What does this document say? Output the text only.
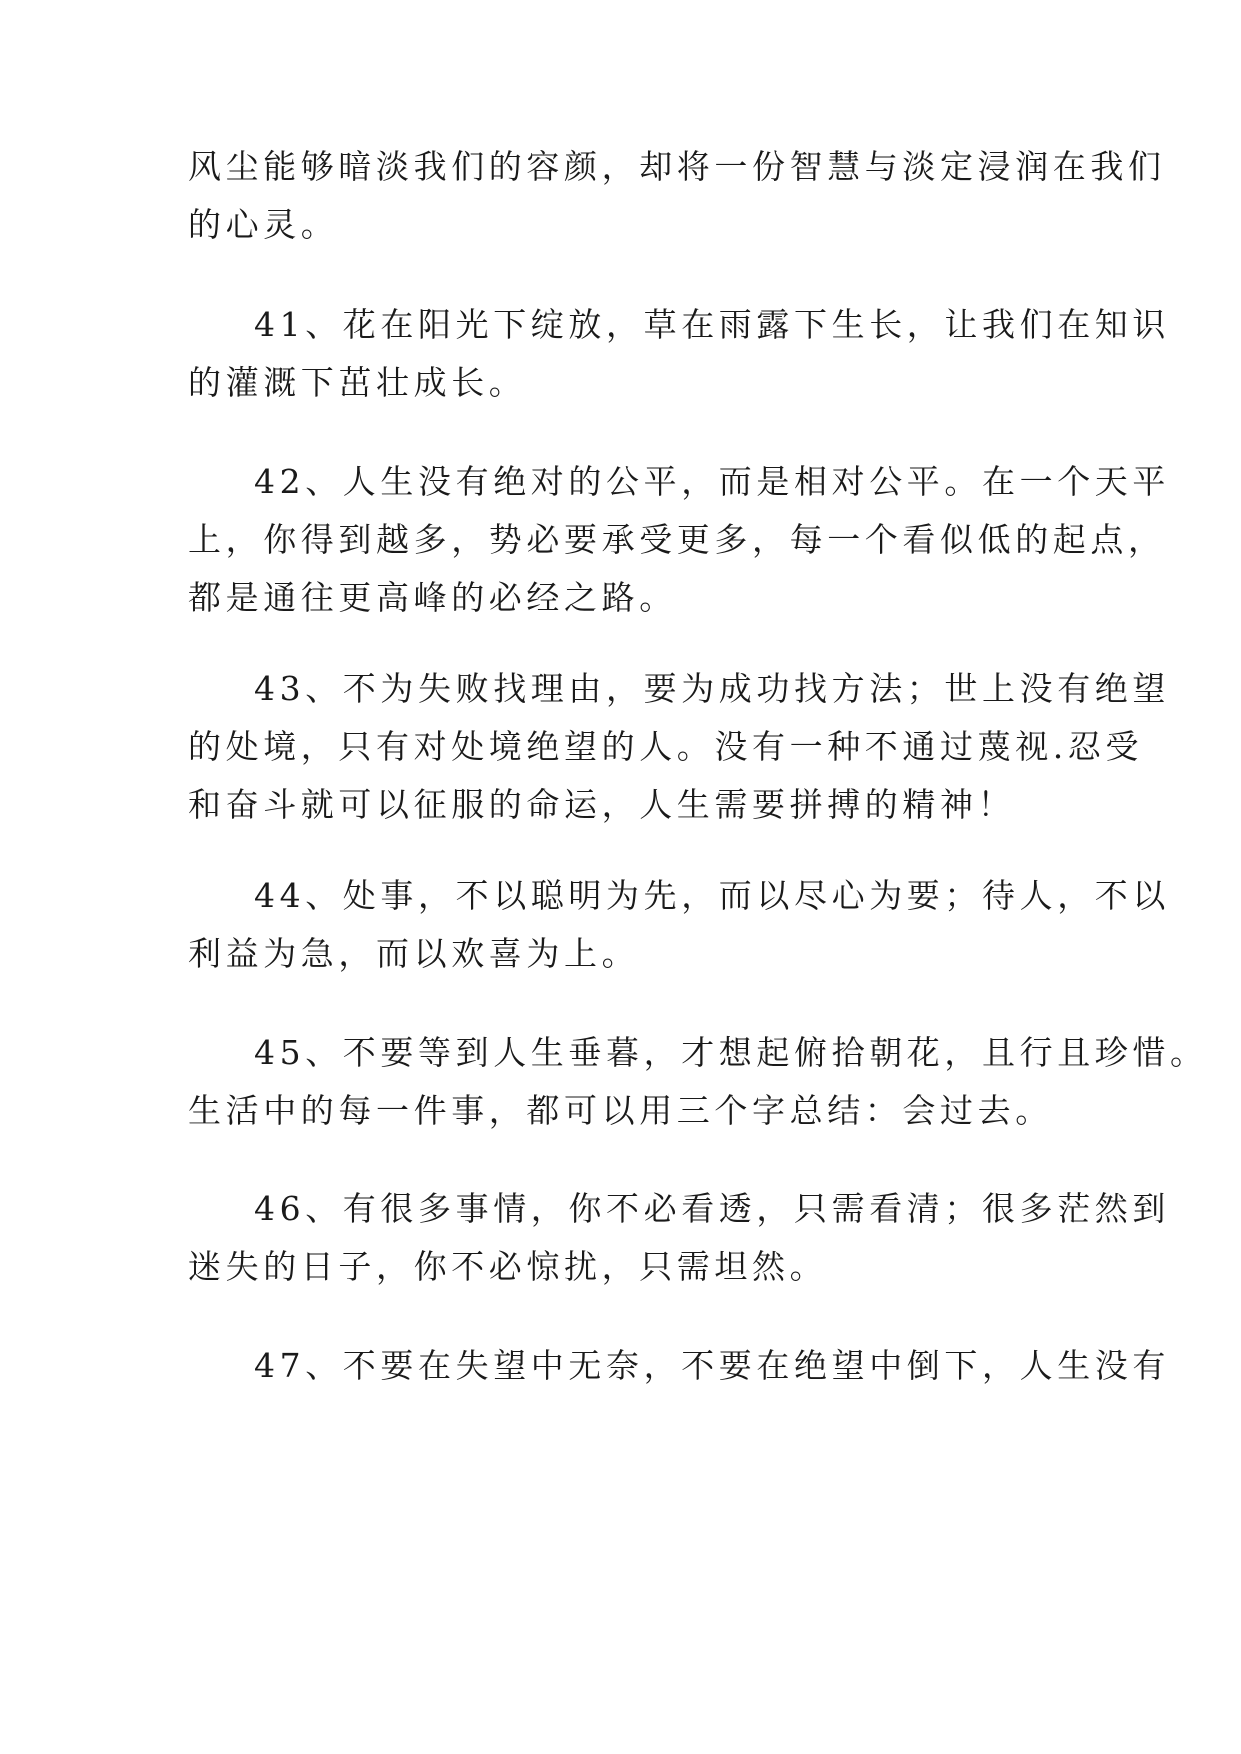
风尘能够暗淡我们的容颜，却将一份智慧与淡定浸润在我们
的心灵。

41、花在阳光下绽放，草在雨露下生长，让我们在知识
的灌溉下茁壮成长。

42、人生没有绝对的公平，而是相对公平。在一个天平
上，你得到越多，势必要承受更多，每一个看似低的起点，
都是通往更高峰的必经之路。

43、不为失败找理由，要为成功找方法；世上没有绝望
的处境，只有对处境绝望的人。没有一种不通过蔑视.忍受
和奋斗就可以征服的命运，人生需要拼搏的精神！

44、处事，不以聪明为先，而以尽心为要；待人，不以
利益为急，而以欢喜为上。

45、不要等到人生垂暮，才想起俯拾朝花，且行且珍惜。
生活中的每一件事，都可以用三个字总结：会过去。

46、有很多事情，你不必看透，只需看清；很多茫然到
迷失的日子，你不必惊扰，只需坦然。

47、不要在失望中无奈，不要在绝望中倒下，人生没有
